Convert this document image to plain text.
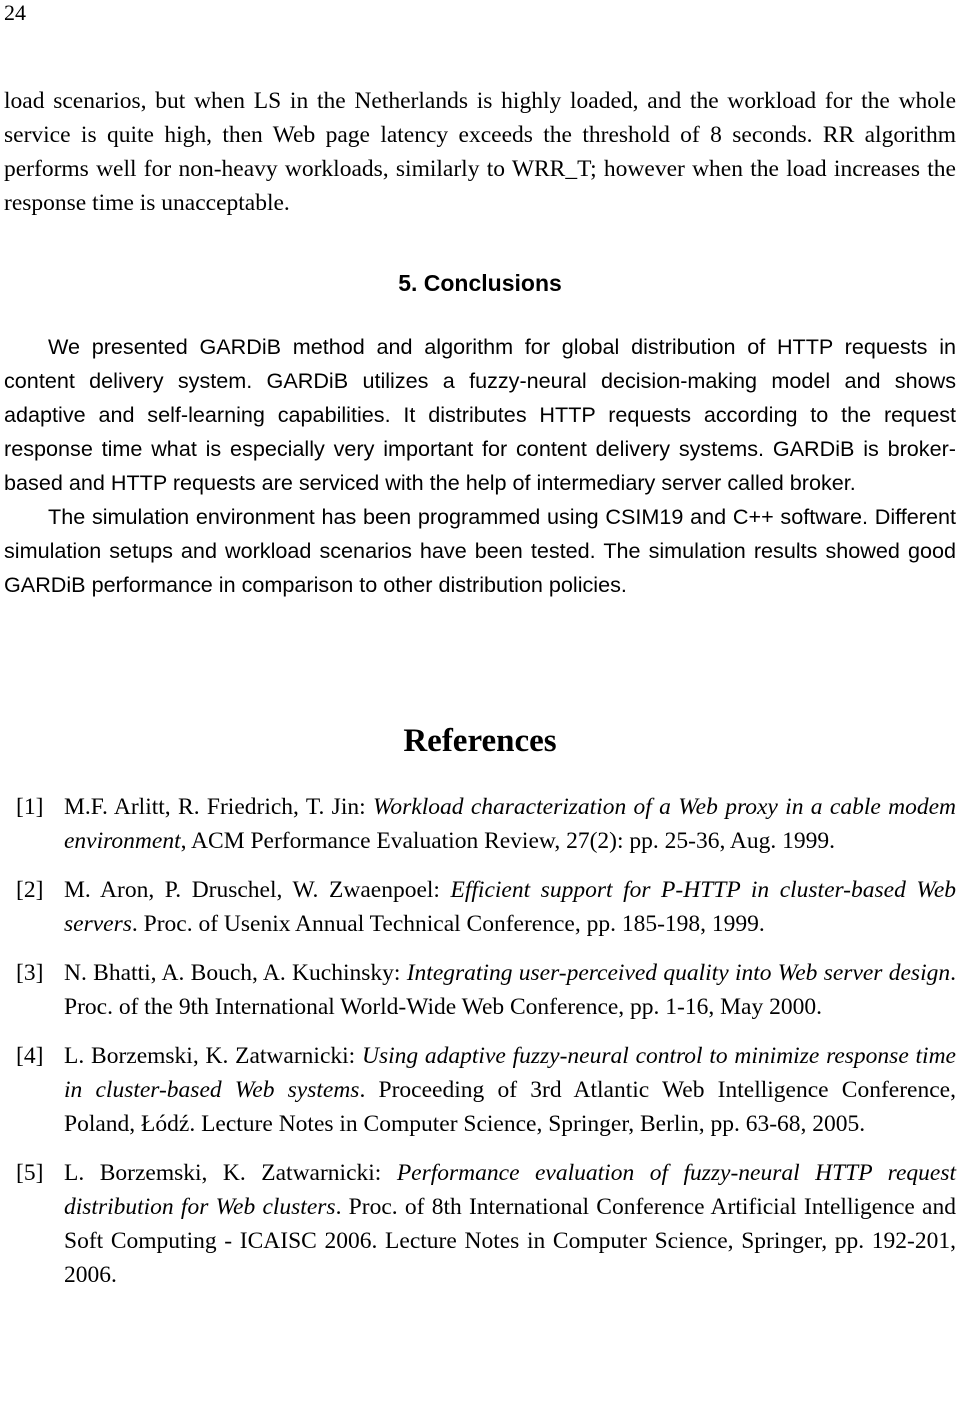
24

load scenarios, but when LS in the Netherlands is highly loaded, and the workload for the whole service is quite high, then Web page latency exceeds the threshold of 8 seconds. RR algorithm performs well for non-heavy workloads, similarly to WRR_T; however when the load increases the response time is unacceptable.

5. Conclusions

We presented GARDiB method and algorithm for global distribution of HTTP requests in content delivery system. GARDiB utilizes a fuzzy-neural decision-making model and shows adaptive and self-learning capabilities. It distributes HTTP requests according to the request response time what is especially very important for content delivery systems. GARDiB is broker-based and HTTP requests are serviced with the help of intermediary server called broker.

The simulation environment has been programmed using CSIM19 and C++ software. Different simulation setups and workload scenarios have been tested. The simulation results showed good GARDiB performance in comparison to other distribution policies.

References
[1] M.F. Arlitt, R. Friedrich, T. Jin: Workload characterization of a Web proxy in a cable modem environment, ACM Performance Evaluation Review, 27(2): pp. 25-36, Aug. 1999.
[2] M. Aron, P. Druschel, W. Zwaenpoel: Efficient support for P-HTTP in cluster-based Web servers. Proc. of Usenix Annual Technical Conference, pp. 185-198, 1999.
[3] N. Bhatti, A. Bouch, A. Kuchinsky: Integrating user-perceived quality into Web server design. Proc. of the 9th International World-Wide Web Conference, pp. 1-16, May 2000.
[4] L. Borzemski, K. Zatwarnicki: Using adaptive fuzzy-neural control to minimize response time in cluster-based Web systems. Proceeding of 3rd Atlantic Web Intelligence Conference, Poland, Łódź. Lecture Notes in Computer Science, Springer, Berlin, pp. 63-68, 2005.
[5] L. Borzemski, K. Zatwarnicki: Performance evaluation of fuzzy-neural HTTP request distribution for Web clusters. Proc. of 8th International Conference Artificial Intelligence and Soft Computing - ICAISC 2006. Lecture Notes in Computer Science, Springer, pp. 192-201, 2006.
